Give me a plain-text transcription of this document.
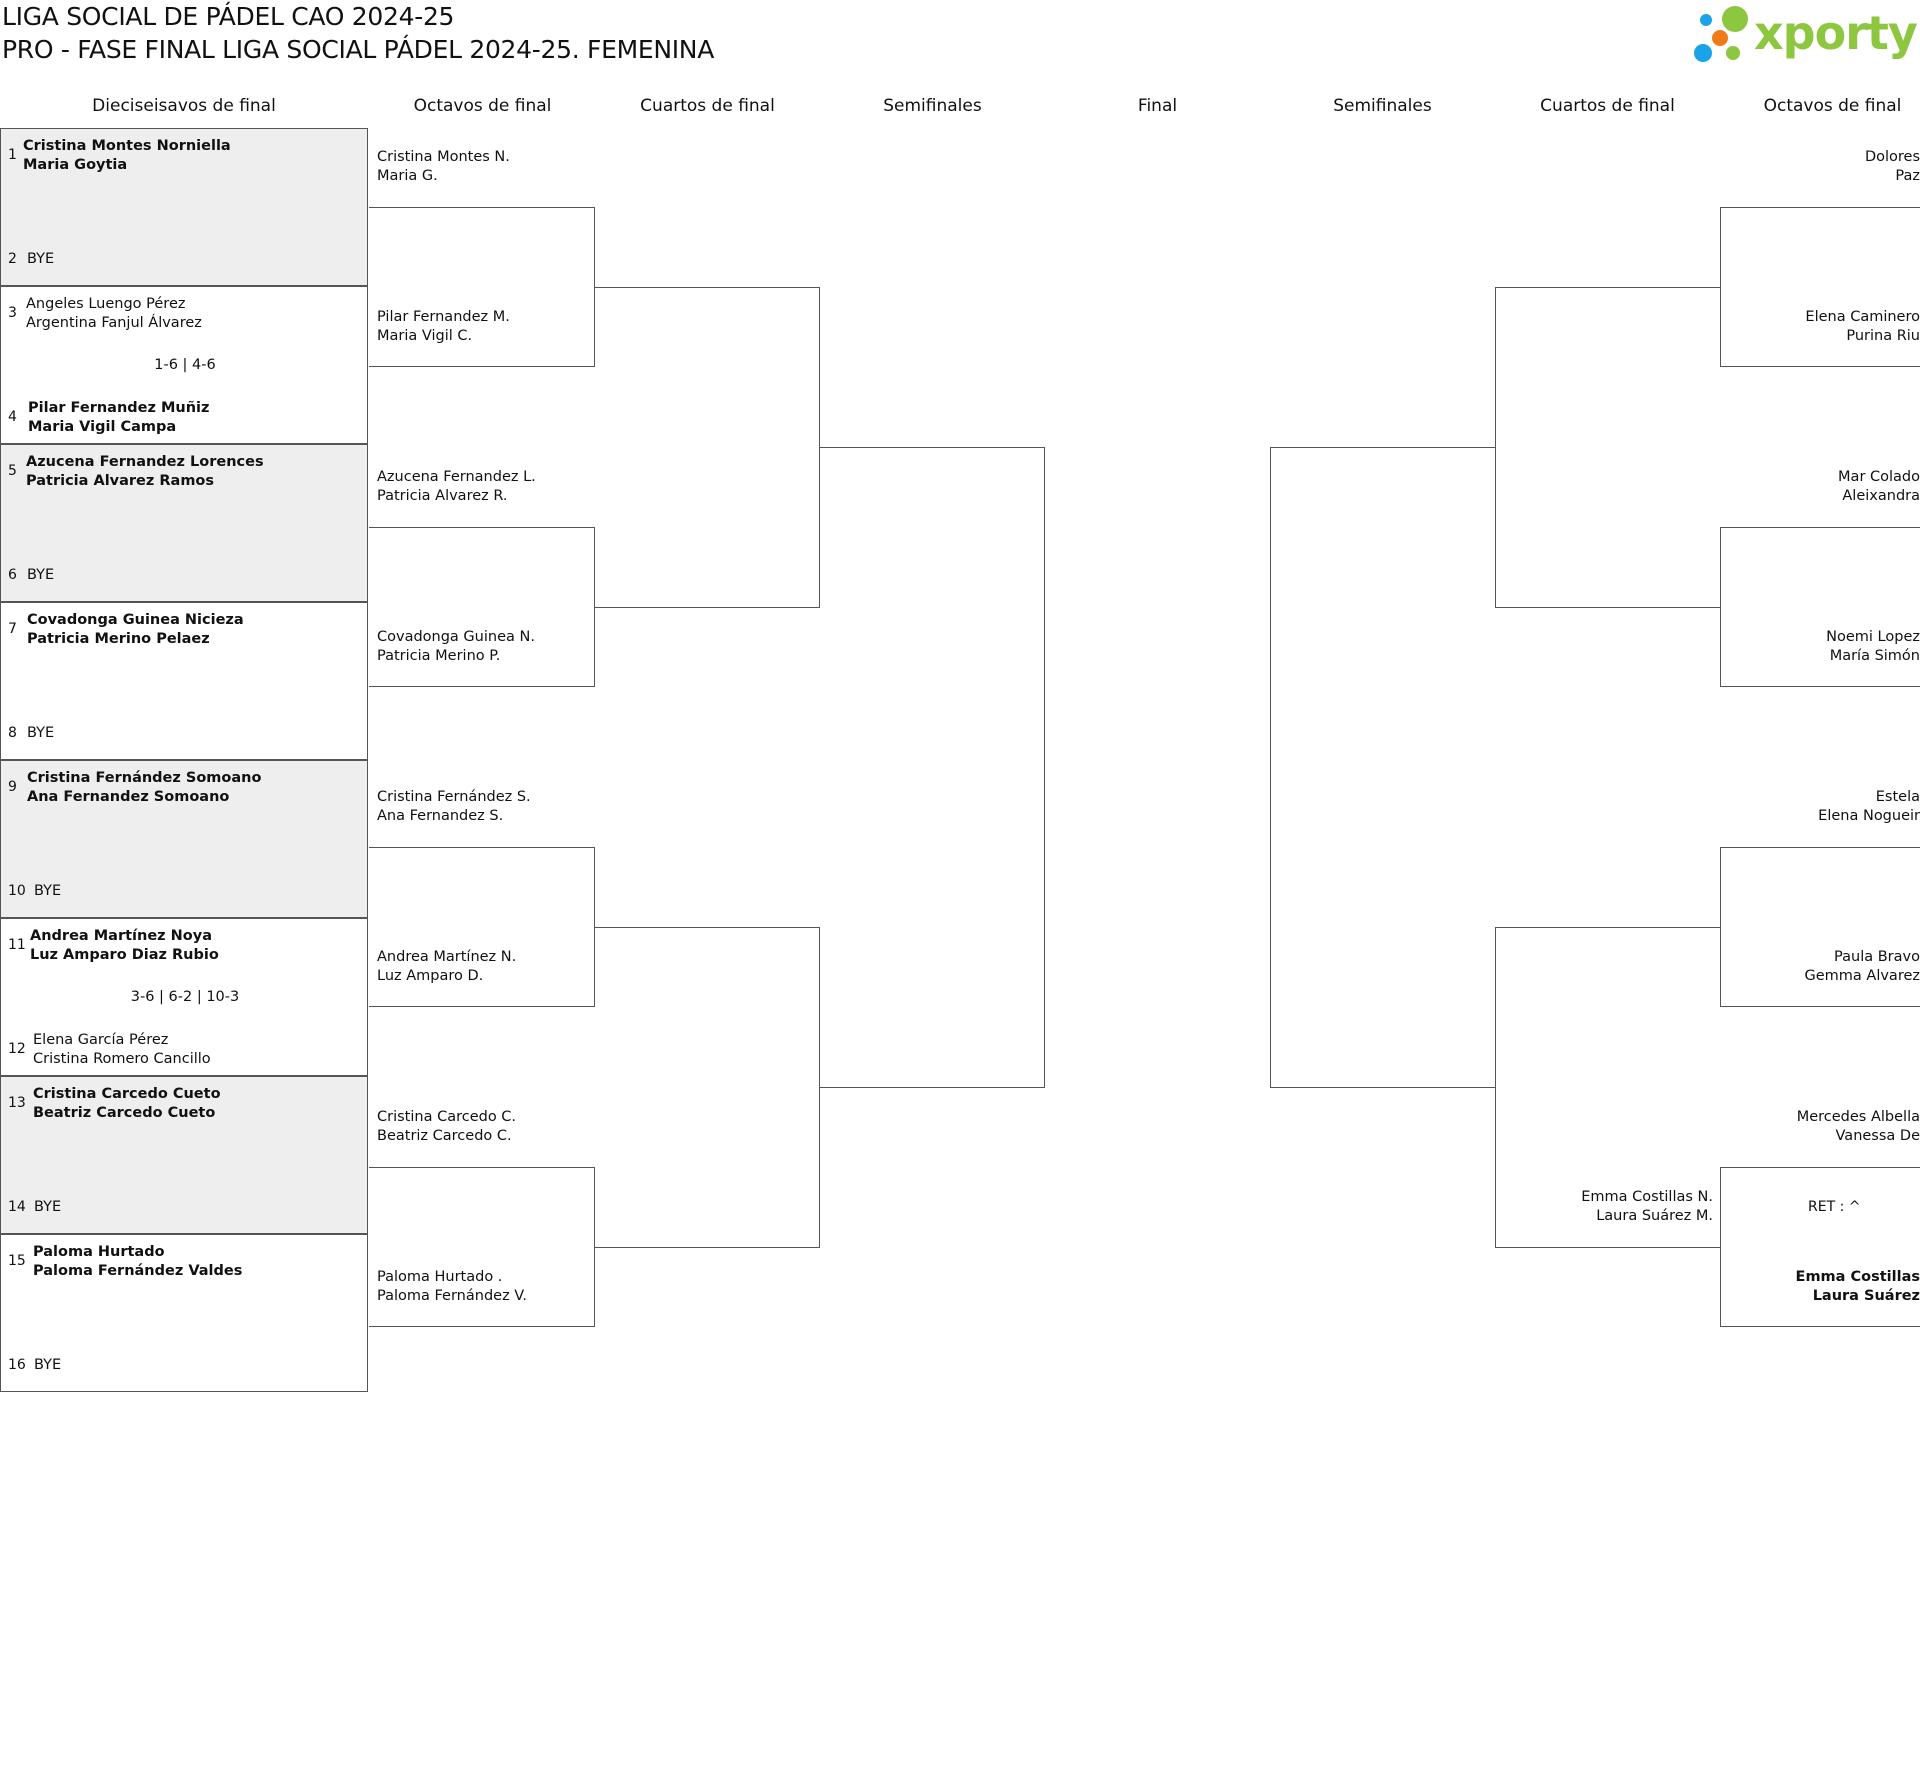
LIGA SOCIAL DE PÁDEL CAO 2024-25
PRO - FASE FINAL LIGA SOCIAL PÁDEL 2024-25. FEMENINA	xporty
Dieciseisavos de final	Octavos de final	Cuartos de final	Semifinales	Final	Semifinales	Cuartos de final	Octavos de final
1
Cristina Montes Norniella
Maria Goytia
2 BYE
3
Angeles Luengo Pérez
Argentina Fanjul Álvarez
1-6 | 4-6
4
Pilar Fernandez Muñiz
Maria Vigil Campa
5
Azucena Fernandez Lorences
Patricia Alvarez Ramos
6 BYE
7
Covadonga Guinea Nicieza
Patricia Merino Pelaez
8 BYE
9
Cristina Fernández Somoano
Ana Fernandez Somoano
10 BYE
11
Andrea Martínez Noya
Luz Amparo Diaz Rubio
3-6 | 6-2 | 10-3
12
Elena García Pérez
Cristina Romero Cancillo
13
Cristina Carcedo Cueto
Beatriz Carcedo Cueto
14 BYE
15
Paloma Hurtado
Paloma Fernández Valdes
16 BYE
Cristina Montes N.
Maria G.
Pilar Fernandez M.
Maria Vigil C.
Azucena Fernandez L.
Patricia Alvarez R.
Covadonga Guinea N.
Patricia Merino P.
Cristina Fernández S.
Ana Fernandez S.
Andrea Martínez N.
Luz Amparo D.
Cristina Carcedo C.
Beatriz Carcedo C.
Paloma Hurtado .
Paloma Fernández V.
Dolores
Paz
Elena Caminero
Purina Riu
Mar Colado
Aleixandra
Noemi Lopez
María Simón
Estela
Elena Nogueir
Paula Bravo
Gemma Alvarez
Mercedes Albella
Vanessa De
Emma Costillas
Laura Suárez
Emma Costillas N.
Laura Suárez M.
RET : ^
